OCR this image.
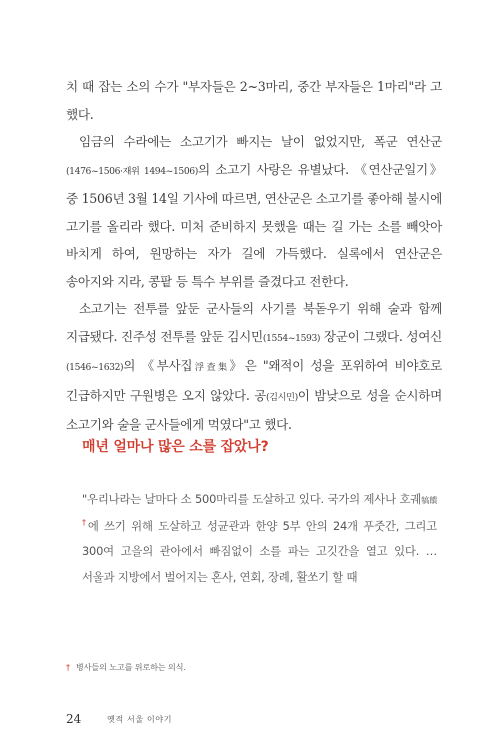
치 때 잡는 소의 수가 "부자들은 2~3마리, 중간 부자들은 1마리"라 고 했다.

임금의 수라에는 소고기가 빠지는 날이 없었지만, 폭군 연산군 (1476~1506·재위 1494~1506)의 소고기 사랑은 유별났다. 《연산군일기》 중 1506년 3월 14일 기사에 따르면, 연산군은 소고기를 좋아해 불시에 고기를 올리라 했다. 미처 준비하지 못했을 때는 길 가는 소를 빼앗아 바치게 하여, 원망하는 자가 길에 가득했다. 실록에서 연산군은 송아지와 지라, 콩팥 등 특수 부위를 즐겼다고 전한다.

소고기는 전투를 앞둔 군사들의 사기를 북돋우기 위해 술과 함께 지급됐다. 진주성 전투를 앞둔 김시민(1554~1593) 장군이 그랬다. 성여신(1546~1632)의 《부사집浮査集》은 "왜적이 성을 포위하여 비야호로 긴급하지만 구원병은 오지 않았다. 공(김시민)이 밤낮으로 성을 순시하며 소고기와 술을 군사들에게 먹였다"고 했다.

매년 얼마나 많은 소를 잡았나?

"우리나라는 날마다 소 500마리를 도살하고 있다. 국가의 제사나 호궤犒饋†에 쓰기 위해 도살하고 성균관과 한양 5부 안의 24개 푸줏간, 그리고 300여 고을의 관아에서 빠짐없이 소를 파는 고깃간을 열고 있다. … 서울과 지방에서 벌어지는 혼사, 연회, 장례, 활쏘기 할 때

† 병사들의 노고를 위로하는 의식.
24	옛적 서울 이야기
